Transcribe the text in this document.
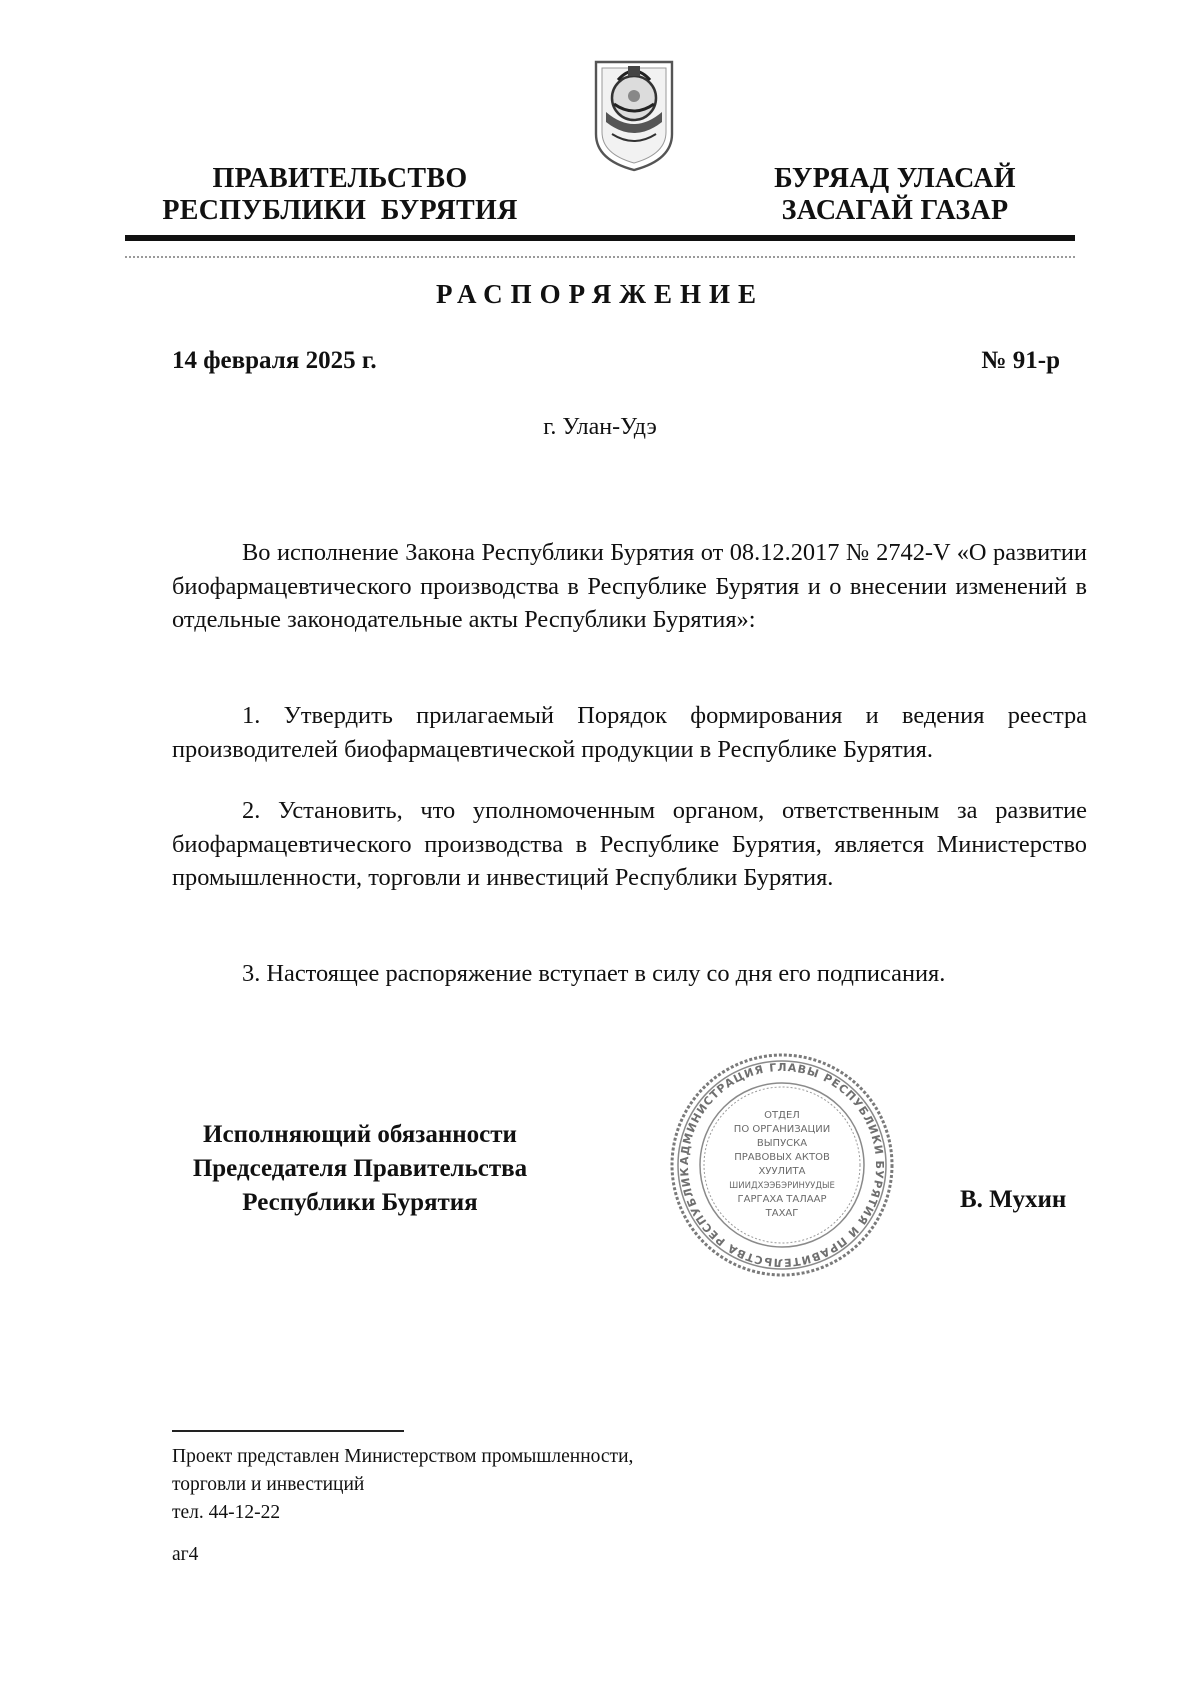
ПРАВИТЕЛЬСТВО
РЕСПУБЛИКИ  БУРЯТИЯ
БУРЯАД УЛАСАЙ
ЗАСАГАЙ ГАЗАР
РАСПОРЯЖЕНИЕ
14 февраля 2025 г.	№ 91-р
г. Улан-Удэ

Во исполнение Закона Республики Бурятия от 08.12.2017 № 2742-V «О развитии биофармацевтического производства в Республике Бурятия и о внесении изменений в отдельные законодательные акты Республики Бурятия»:

1. Утвердить прилагаемый Порядок формирования и ведения реестра производителей биофармацевтической продукции в Республике Бурятия.

2. Установить, что уполномоченным органом, ответственным за развитие биофармацевтического производства в Республике Бурятия, является Министерство промышленности, торговли и инвестиций Республики Бурятия.

3. Настоящее распоряжение вступает в силу со дня его подписания.

Исполняющий обязанности
Председателя Правительства
Республики Бурятия
АДМИНИСТРАЦИЯ ГЛАВЫ РЕСПУБЛИКИ БУРЯТИЯ И ПРАВИТЕЛЬСТВА РЕСПУБЛИК
ОТДЕЛ
ПО ОРГАНИЗАЦИИ
ВЫПУСКА
ПРАВОВЫХ АКТОВ
ХУУЛИТА
ШИИДХЭЭБЭРИНУУДЫЕ
ГАРГАХА ТАЛААР
ТАХАГ
В. Мухин
Проект представлен Министерством промышленности,
торговли и инвестиций
тел. 44-12-22
аг4
